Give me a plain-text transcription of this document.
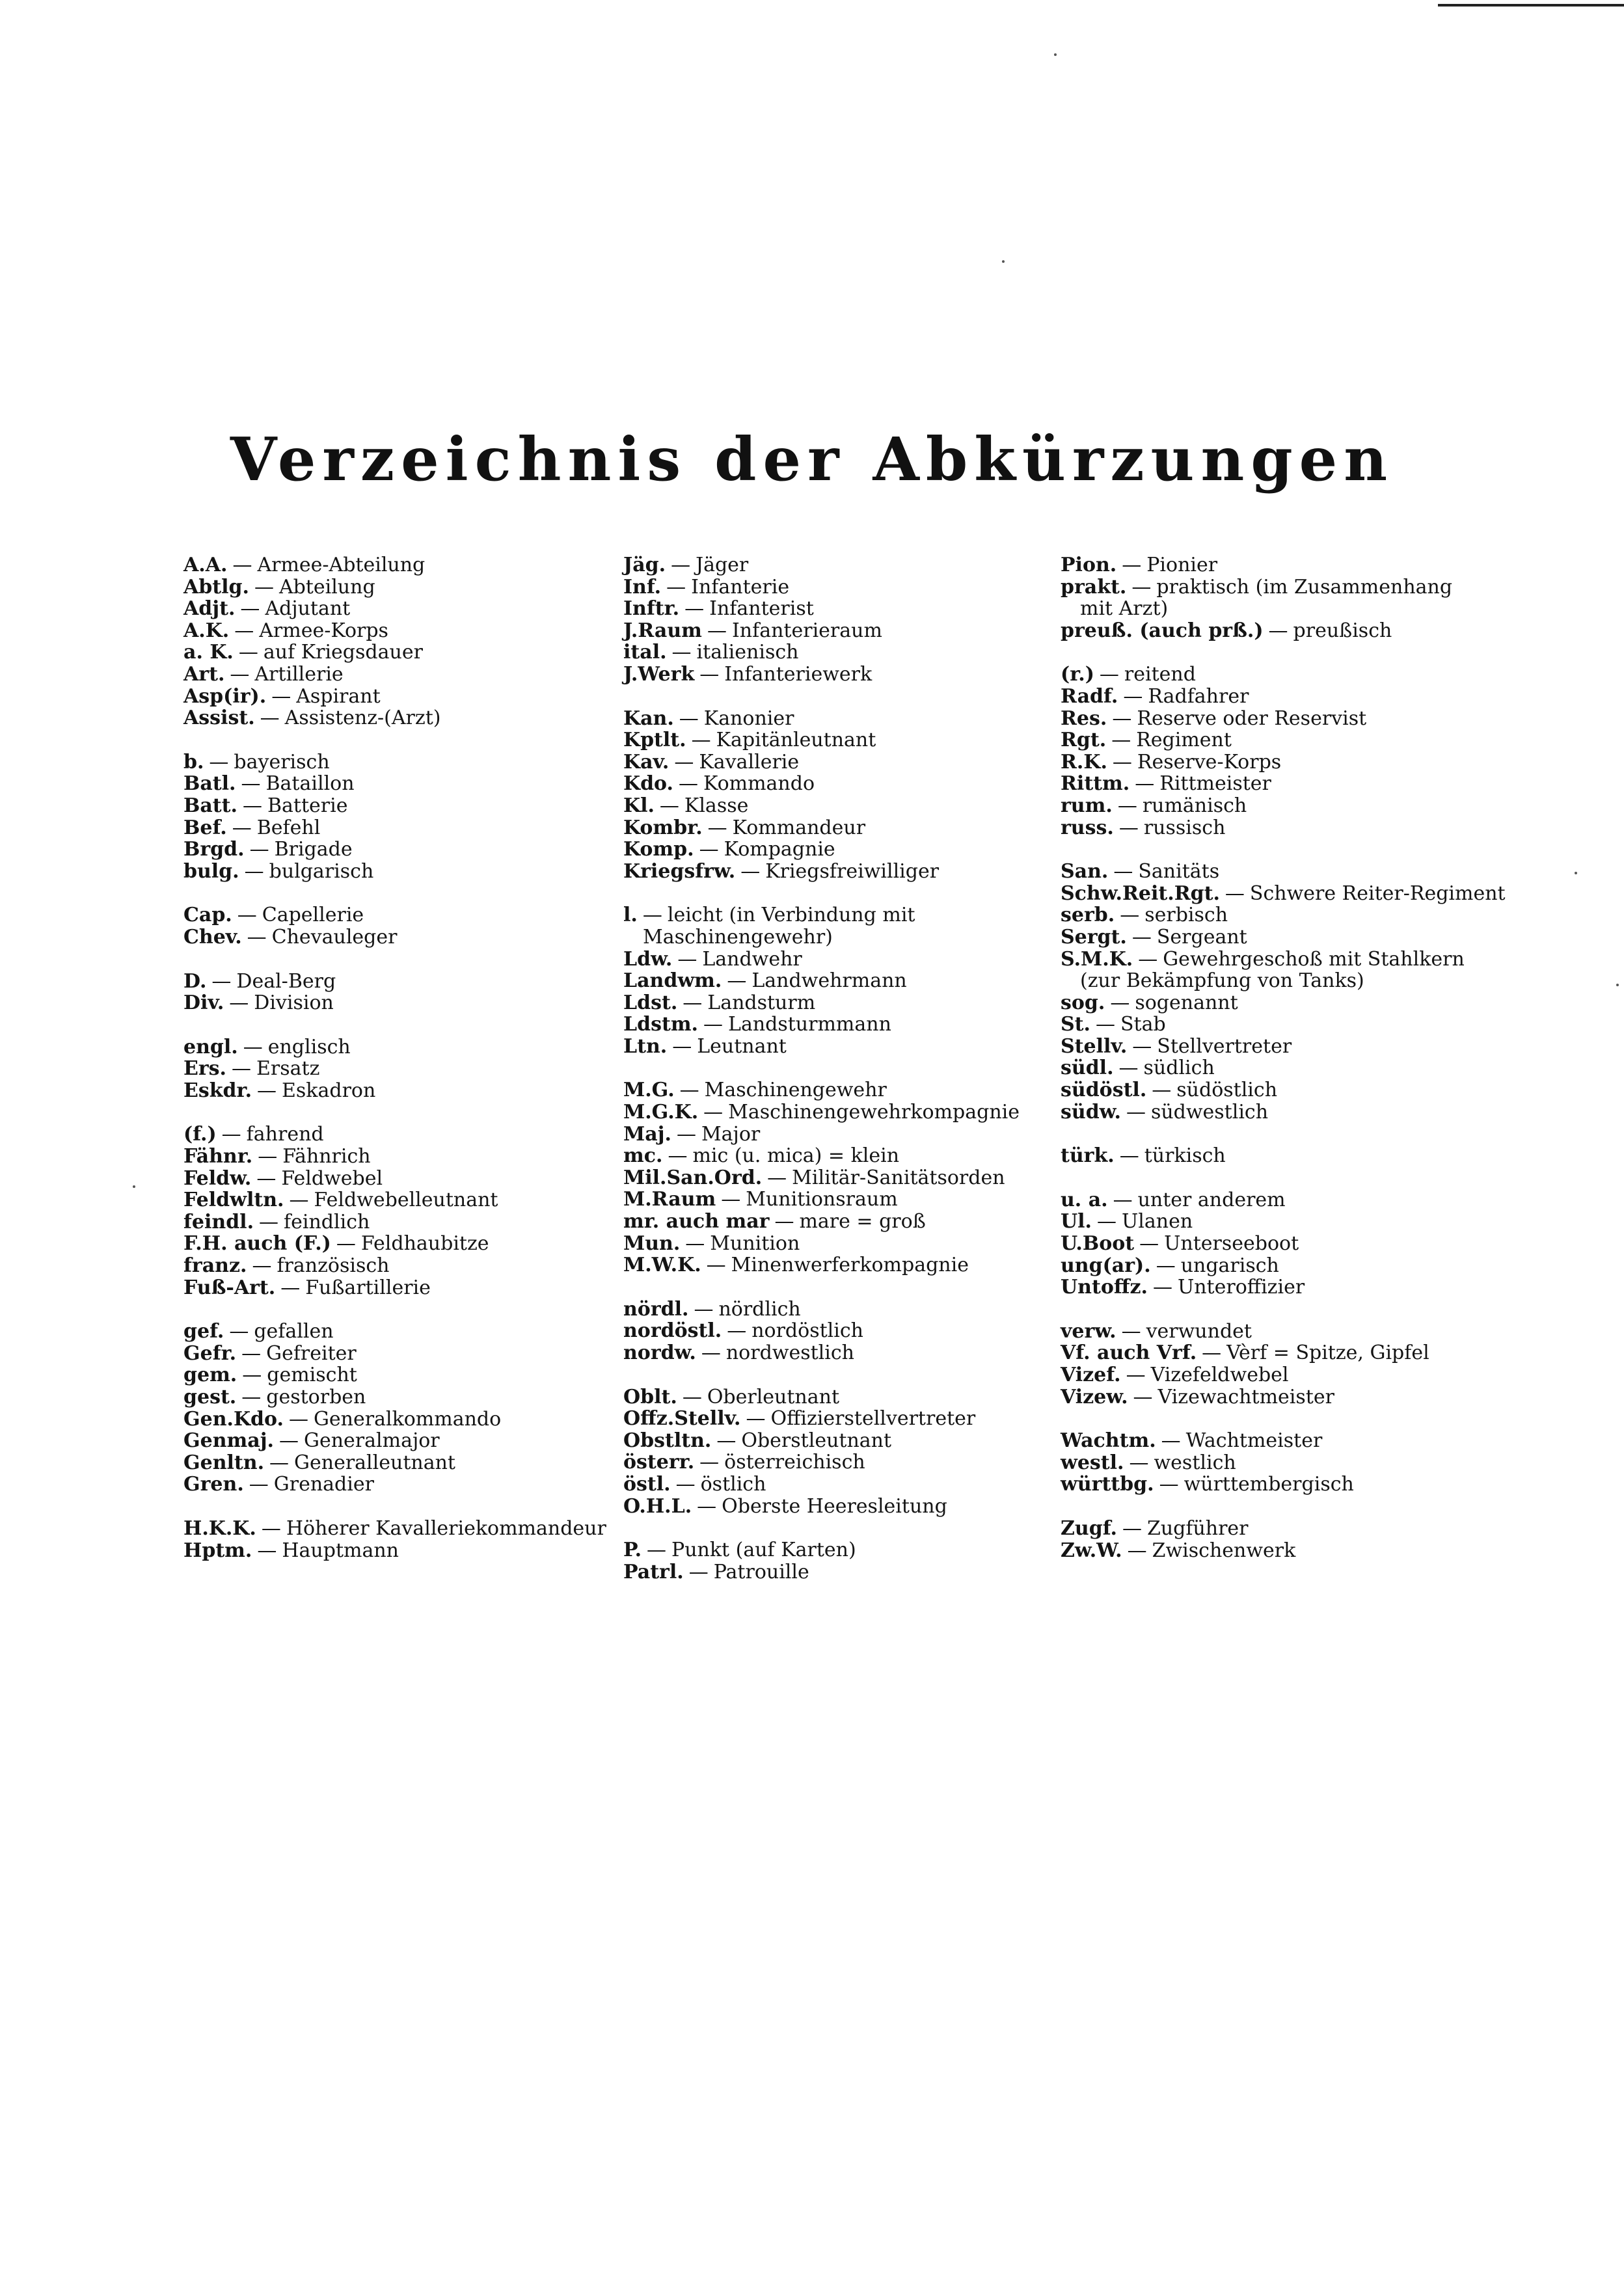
Verzeichnis der Abkürzungen
A.A. — Armee-Abteilung
Abtlg. — Abteilung
Adjt. — Adjutant
A.K. — Armee-Korps
a. K. — auf Kriegsdauer
Art. — Artillerie
Asp(ir). — Aspirant
Assist. — Assistenz-(Arzt)
b. — bayerisch
Batl. — Bataillon
Batt. — Batterie
Bef. — Befehl
Brgd. — Brigade
bulg. — bulgarisch
Cap. — Capellerie
Chev. — Chevauleger
D. — Deal-Berg
Div. — Division
engl. — englisch
Ers. — Ersatz
Eskdr. — Eskadron
(f.) — fahrend
Fähnr. — Fähnrich
Feldw. — Feldwebel
Feldwltn. — Feldwebelleutnant
feindl. — feindlich
F.H. auch (F.) — Feldhaubitze
franz. — französisch
Fuß-Art. — Fußartillerie
gef. — gefallen
Gefr. — Gefreiter
gem. — gemischt
gest. — gestorben
Gen.Kdo. — Generalkommando
Genmaj. — Generalmajor
Genltn. — Generalleutnant
Gren. — Grenadier
H.K.K. — Höherer Kavalleriekommandeur
Hptm. — Hauptmann
Jäg. — Jäger
Inf. — Infanterie
Inftr. — Infanterist
J.Raum — Infanterieraum
ital. — italienisch
J.Werk — Infanteriewerk
Kan. — Kanonier
Kptlt. — Kapitänleutnant
Kav. — Kavallerie
Kdo. — Kommando
Kl. — Klasse
Kombr. — Kommandeur
Komp. — Kompagnie
Kriegsfrw. — Kriegsfreiwilliger
l. — leicht (in Verbindung mit Maschinengewehr)
Ldw. — Landwehr
Landwm. — Landwehrmann
Ldst. — Landsturm
Ldstm. — Landsturmmann
Ltn. — Leutnant
M.G. — Maschinengewehr
M.G.K. — Maschinengewehrkompagnie
Maj. — Major
mc. — mic (u. mica) = klein
Mil.San.Ord. — Militär-Sanitätsorden
M.Raum — Munitionsraum
mr. auch mar — mare = groß
Mun. — Munition
M.W.K. — Minenwerferkompagnie
nördl. — nördlich
nordöstl. — nordöstlich
nordw. — nordwestlich
Oblt. — Oberleutnant
Offz.Stellv. — Offizierstellvertreter
Obstltn. — Oberstleutnant
österr. — österreichisch
östl. — östlich
O.H.L. — Oberste Heeresleitung
P. — Punkt (auf Karten)
Patrl. — Patrouille
Pion. — Pionier
prakt. — praktisch (im Zusammenhang mit Arzt)
preuß. (auch prß.) — preußisch
(r.) — reitend
Radf. — Radfahrer
Res. — Reserve oder Reservist
Rgt. — Regiment
R.K. — Reserve-Korps
Rittm. — Rittmeister
rum. — rumänisch
russ. — russisch
San. — Sanitäts
Schw.Reit.Rgt. — Schwere Reiter-Regiment
serb. — serbisch
Sergt. — Sergeant
S.M.K. — Gewehrgeschoß mit Stahlkern (zur Bekämpfung von Tanks)
sog. — sogenannt
St. — Stab
Stellv. — Stellvertreter
südl. — südlich
südöstl. — südöstlich
südw. — südwestlich
türk. — türkisch
u. a. — unter anderem
Ul. — Ulanen
U.Boot — Unterseeboot
ung(ar). — ungarisch
Untoffz. — Unteroffizier
verw. — verwundet
Vf. auch Vrf. — Vèrf = Spitze, Gipfel
Vizef. — Vizefeldwebel
Vizew. — Vizewachtmeister
Wachtm. — Wachtmeister
westl. — westlich
württbg. — württembergisch
Zugf. — Zugführer
Zw.W. — Zwischenwerk
